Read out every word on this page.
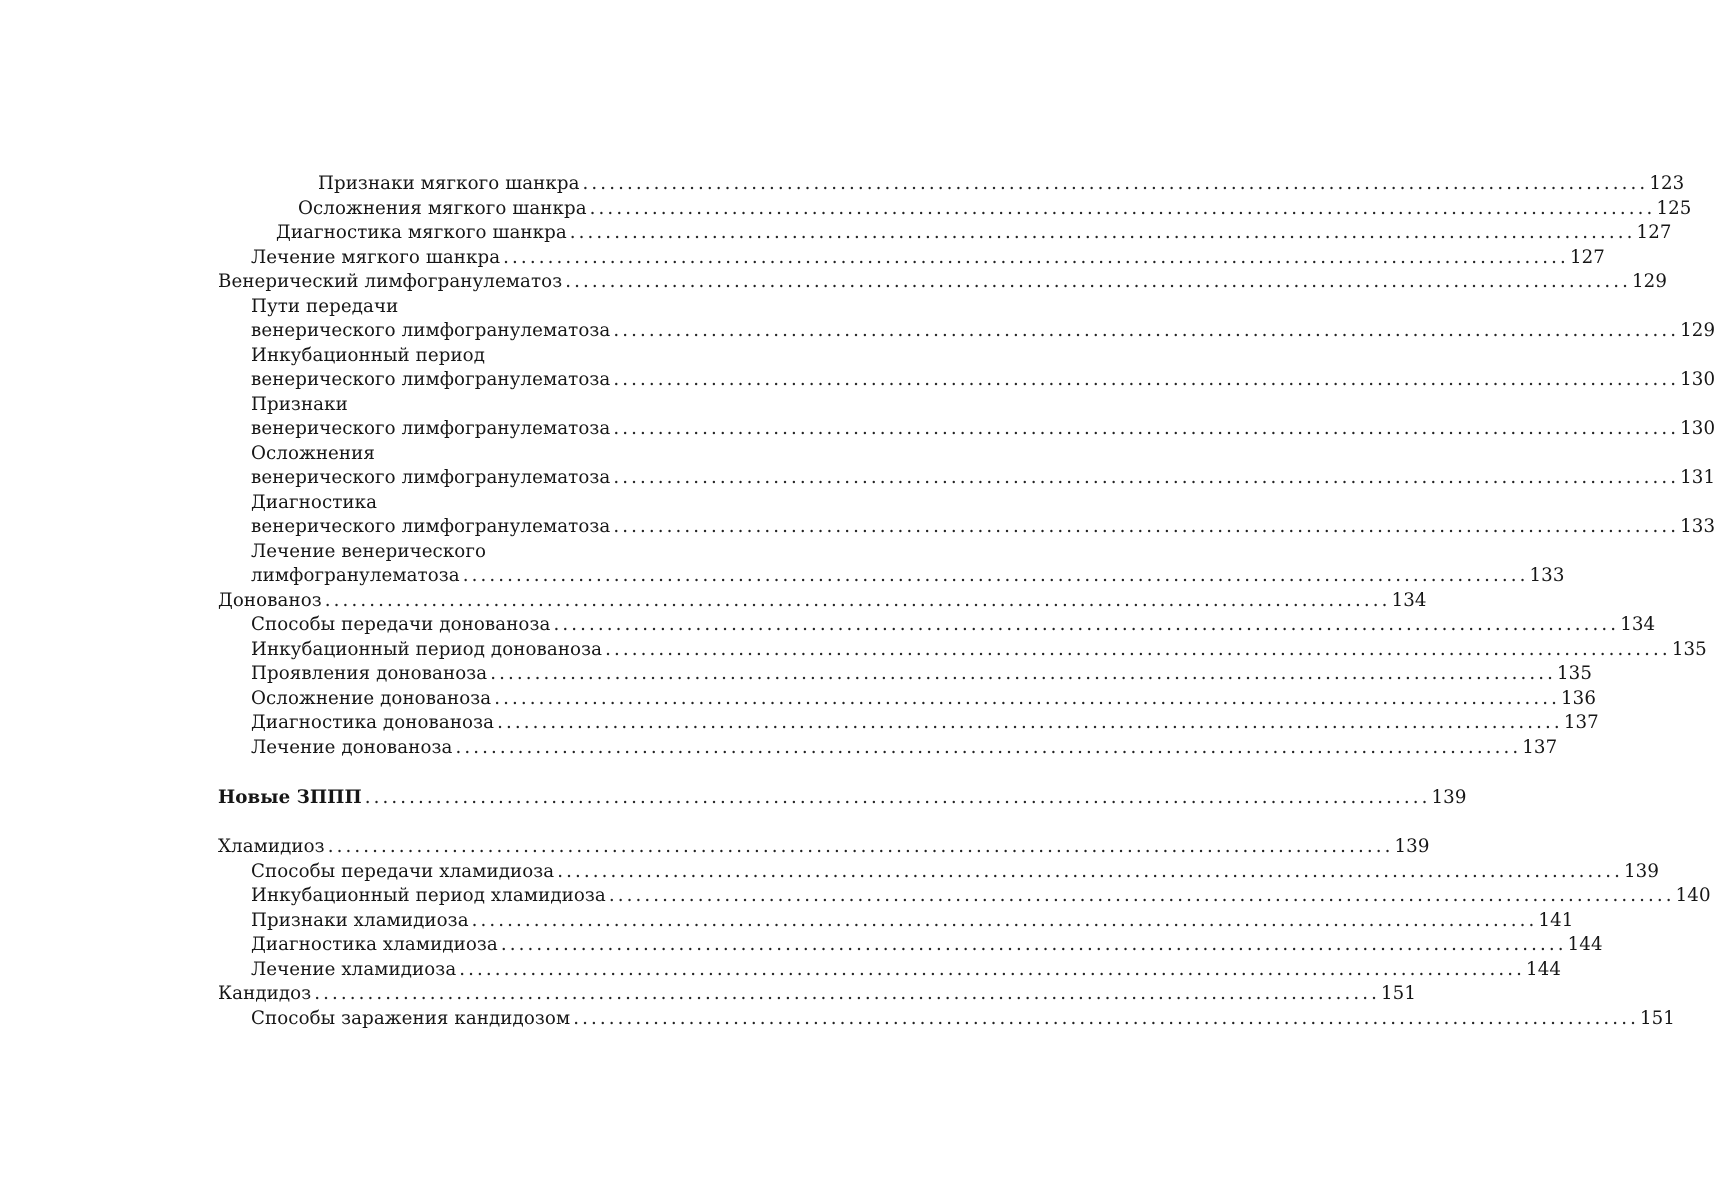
Признаки мягкого шанкра ........................................................................................................................ 123
Осложнения мягкого шанкра ........................................................................................................................ 125
Диагностика мягкого шанкра ........................................................................................................................ 127
Лечение мягкого шанкра ........................................................................................................................ 127
Венерический лимфогранулематоз ........................................................................................................................ 129
Пути передачи
венерического лимфогранулематоза ........................................................................................................................ 129
Инкубационный период
венерического лимфогранулематоза ........................................................................................................................ 130
Признаки
венерического лимфогранулематоза ........................................................................................................................ 130
Осложнения
венерического лимфогранулематоза ........................................................................................................................ 131
Диагностика
венерического лимфогранулематоза ........................................................................................................................ 133
Лечение венерического
лимфогранулематоза ........................................................................................................................ 133
Донованоз ........................................................................................................................ 134
Способы передачи донованоза ........................................................................................................................ 134
Инкубационный период донованоза ........................................................................................................................ 135
Проявления донованоза ........................................................................................................................ 135
Осложнение донованоза ........................................................................................................................ 136
Диагностика донованоза ........................................................................................................................ 137
Лечение донованоза ........................................................................................................................ 137
Новые ЗППП ........................................................................................................................ 139
Хламидиоз ........................................................................................................................ 139
Способы передачи хламидиоза ........................................................................................................................ 139
Инкубационный период хламидиоза ........................................................................................................................ 140
Признаки хламидиоза ........................................................................................................................ 141
Диагностика хламидиоза ........................................................................................................................ 144
Лечение хламидиоза ........................................................................................................................ 144
Кандидоз ........................................................................................................................ 151
Способы заражения кандидозом ........................................................................................................................ 151
